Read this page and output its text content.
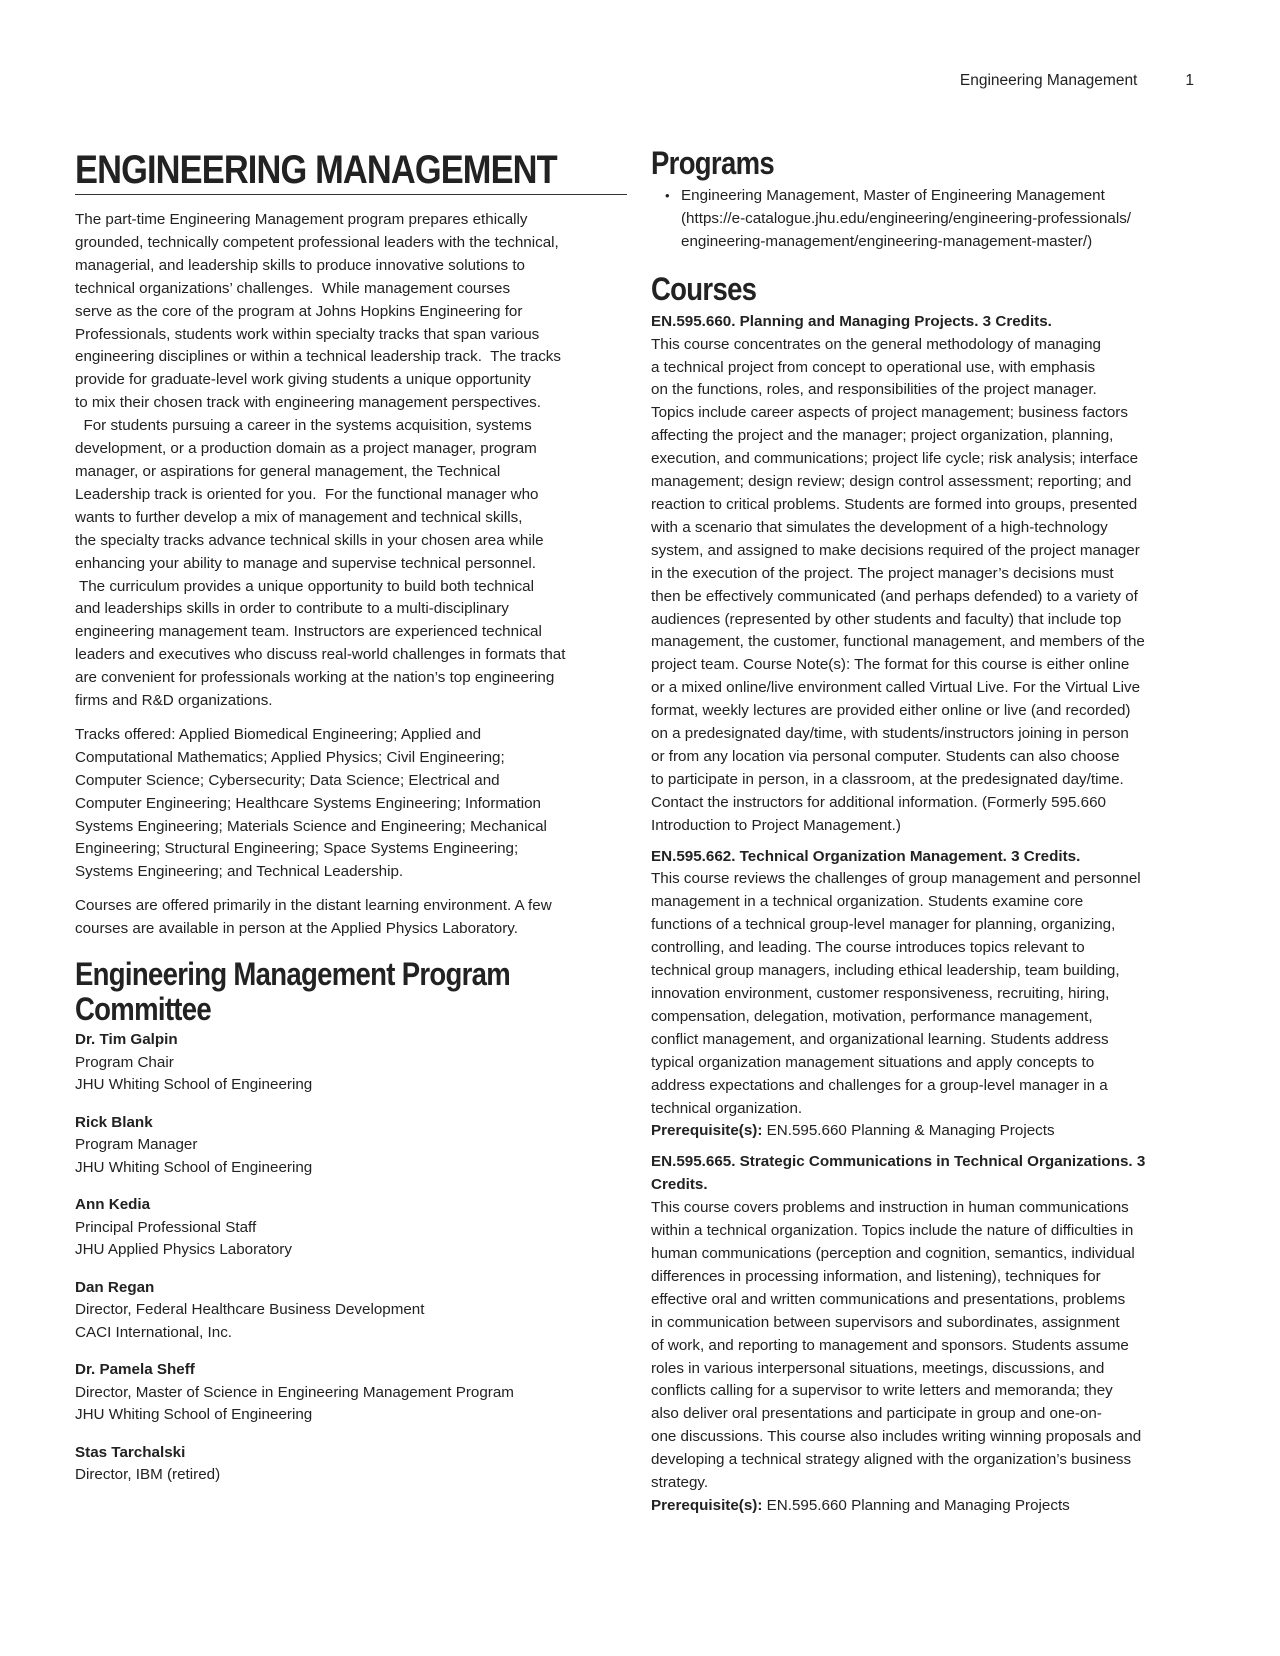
Engineering Management	1
ENGINEERING MANAGEMENT

The part-time Engineering Management program prepares ethically
grounded, technically competent professional leaders with the technical,
managerial, and leadership skills to produce innovative solutions to
technical organizations’ challenges.  While management courses
serve as the core of the program at Johns Hopkins Engineering for
Professionals, students work within specialty tracks that span various
engineering disciplines or within a technical leadership track.  The tracks
provide for graduate-level work giving students a unique opportunity
to mix their chosen track with engineering management perspectives.
For students pursuing a career in the systems acquisition, systems
development, or a production domain as a project manager, program
manager, or aspirations for general management, the Technical
Leadership track is oriented for you.  For the functional manager who
wants to further develop a mix of management and technical skills,
the specialty tracks advance technical skills in your chosen area while
enhancing your ability to manage and supervise technical personnel.
The curriculum provides a unique opportunity to build both technical
and leaderships skills in order to contribute to a multi-disciplinary
engineering management team. Instructors are experienced technical
leaders and executives who discuss real-world challenges in formats that
are convenient for professionals working at the nation’s top engineering
firms and R&D organizations.

Tracks offered: Applied Biomedical Engineering; Applied and
Computational Mathematics; Applied Physics; Civil Engineering;
Computer Science; Cybersecurity; Data Science; Electrical and
Computer Engineering; Healthcare Systems Engineering; Information
Systems Engineering; Materials Science and Engineering; Mechanical
Engineering; Structural Engineering; Space Systems Engineering;
Systems Engineering; and Technical Leadership.

Courses are offered primarily in the distant learning environment. A few
courses are available in person at the Applied Physics Laboratory.

Engineering Management Program
Committee
Dr. Tim Galpin
Program Chair
JHU Whiting School of Engineering
Rick Blank
Program Manager
JHU Whiting School of Engineering
Ann Kedia
Principal Professional Staff
JHU Applied Physics Laboratory
Dan Regan
Director, Federal Healthcare Business Development
CACI International, Inc.
Dr. Pamela Sheff
Director, Master of Science in Engineering Management Program
JHU Whiting School of Engineering
Stas Tarchalski
Director, IBM (retired)
Programs
• Engineering Management, Master of Engineering Management
(https://e-catalogue.jhu.edu/engineering/engineering-professionals/
engineering-management/engineering-management-master/)
Courses
EN.595.660. Planning and Managing Projects. 3 Credits.
This course concentrates on the general methodology of managing
a technical project from concept to operational use, with emphasis
on the functions, roles, and responsibilities of the project manager.
Topics include career aspects of project management; business factors
affecting the project and the manager; project organization, planning,
execution, and communications; project life cycle; risk analysis; interface
management; design review; design control assessment; reporting; and
reaction to critical problems. Students are formed into groups, presented
with a scenario that simulates the development of a high-technology
system, and assigned to make decisions required of the project manager
in the execution of the project. The project manager’s decisions must
then be effectively communicated (and perhaps defended) to a variety of
audiences (represented by other students and faculty) that include top
management, the customer, functional management, and members of the
project team. Course Note(s): The format for this course is either online
or a mixed online/live environment called Virtual Live. For the Virtual Live
format, weekly lectures are provided either online or live (and recorded)
on a predesignated day/time, with students/instructors joining in person
or from any location via personal computer. Students can also choose
to participate in person, in a classroom, at the predesignated day/time.
Contact the instructors for additional information. (Formerly 595.660
Introduction to Project Management.)
EN.595.662. Technical Organization Management. 3 Credits.
This course reviews the challenges of group management and personnel
management in a technical organization. Students examine core
functions of a technical group-level manager for planning, organizing,
controlling, and leading. The course introduces topics relevant to
technical group managers, including ethical leadership, team building,
innovation environment, customer responsiveness, recruiting, hiring,
compensation, delegation, motivation, performance management,
conflict management, and organizational learning. Students address
typical organization management situations and apply concepts to
address expectations and challenges for a group-level manager in a
technical organization.
Prerequisite(s): EN.595.660 Planning & Managing Projects
EN.595.665. Strategic Communications in Technical Organizations. 3
Credits.
This course covers problems and instruction in human communications
within a technical organization. Topics include the nature of difficulties in
human communications (perception and cognition, semantics, individual
differences in processing information, and listening), techniques for
effective oral and written communications and presentations, problems
in communication between supervisors and subordinates, assignment
of work, and reporting to management and sponsors. Students assume
roles in various interpersonal situations, meetings, discussions, and
conflicts calling for a supervisor to write letters and memoranda; they
also deliver oral presentations and participate in group and one-on-
one discussions. This course also includes writing winning proposals and
developing a technical strategy aligned with the organization’s business
strategy.
Prerequisite(s): EN.595.660 Planning and Managing Projects
